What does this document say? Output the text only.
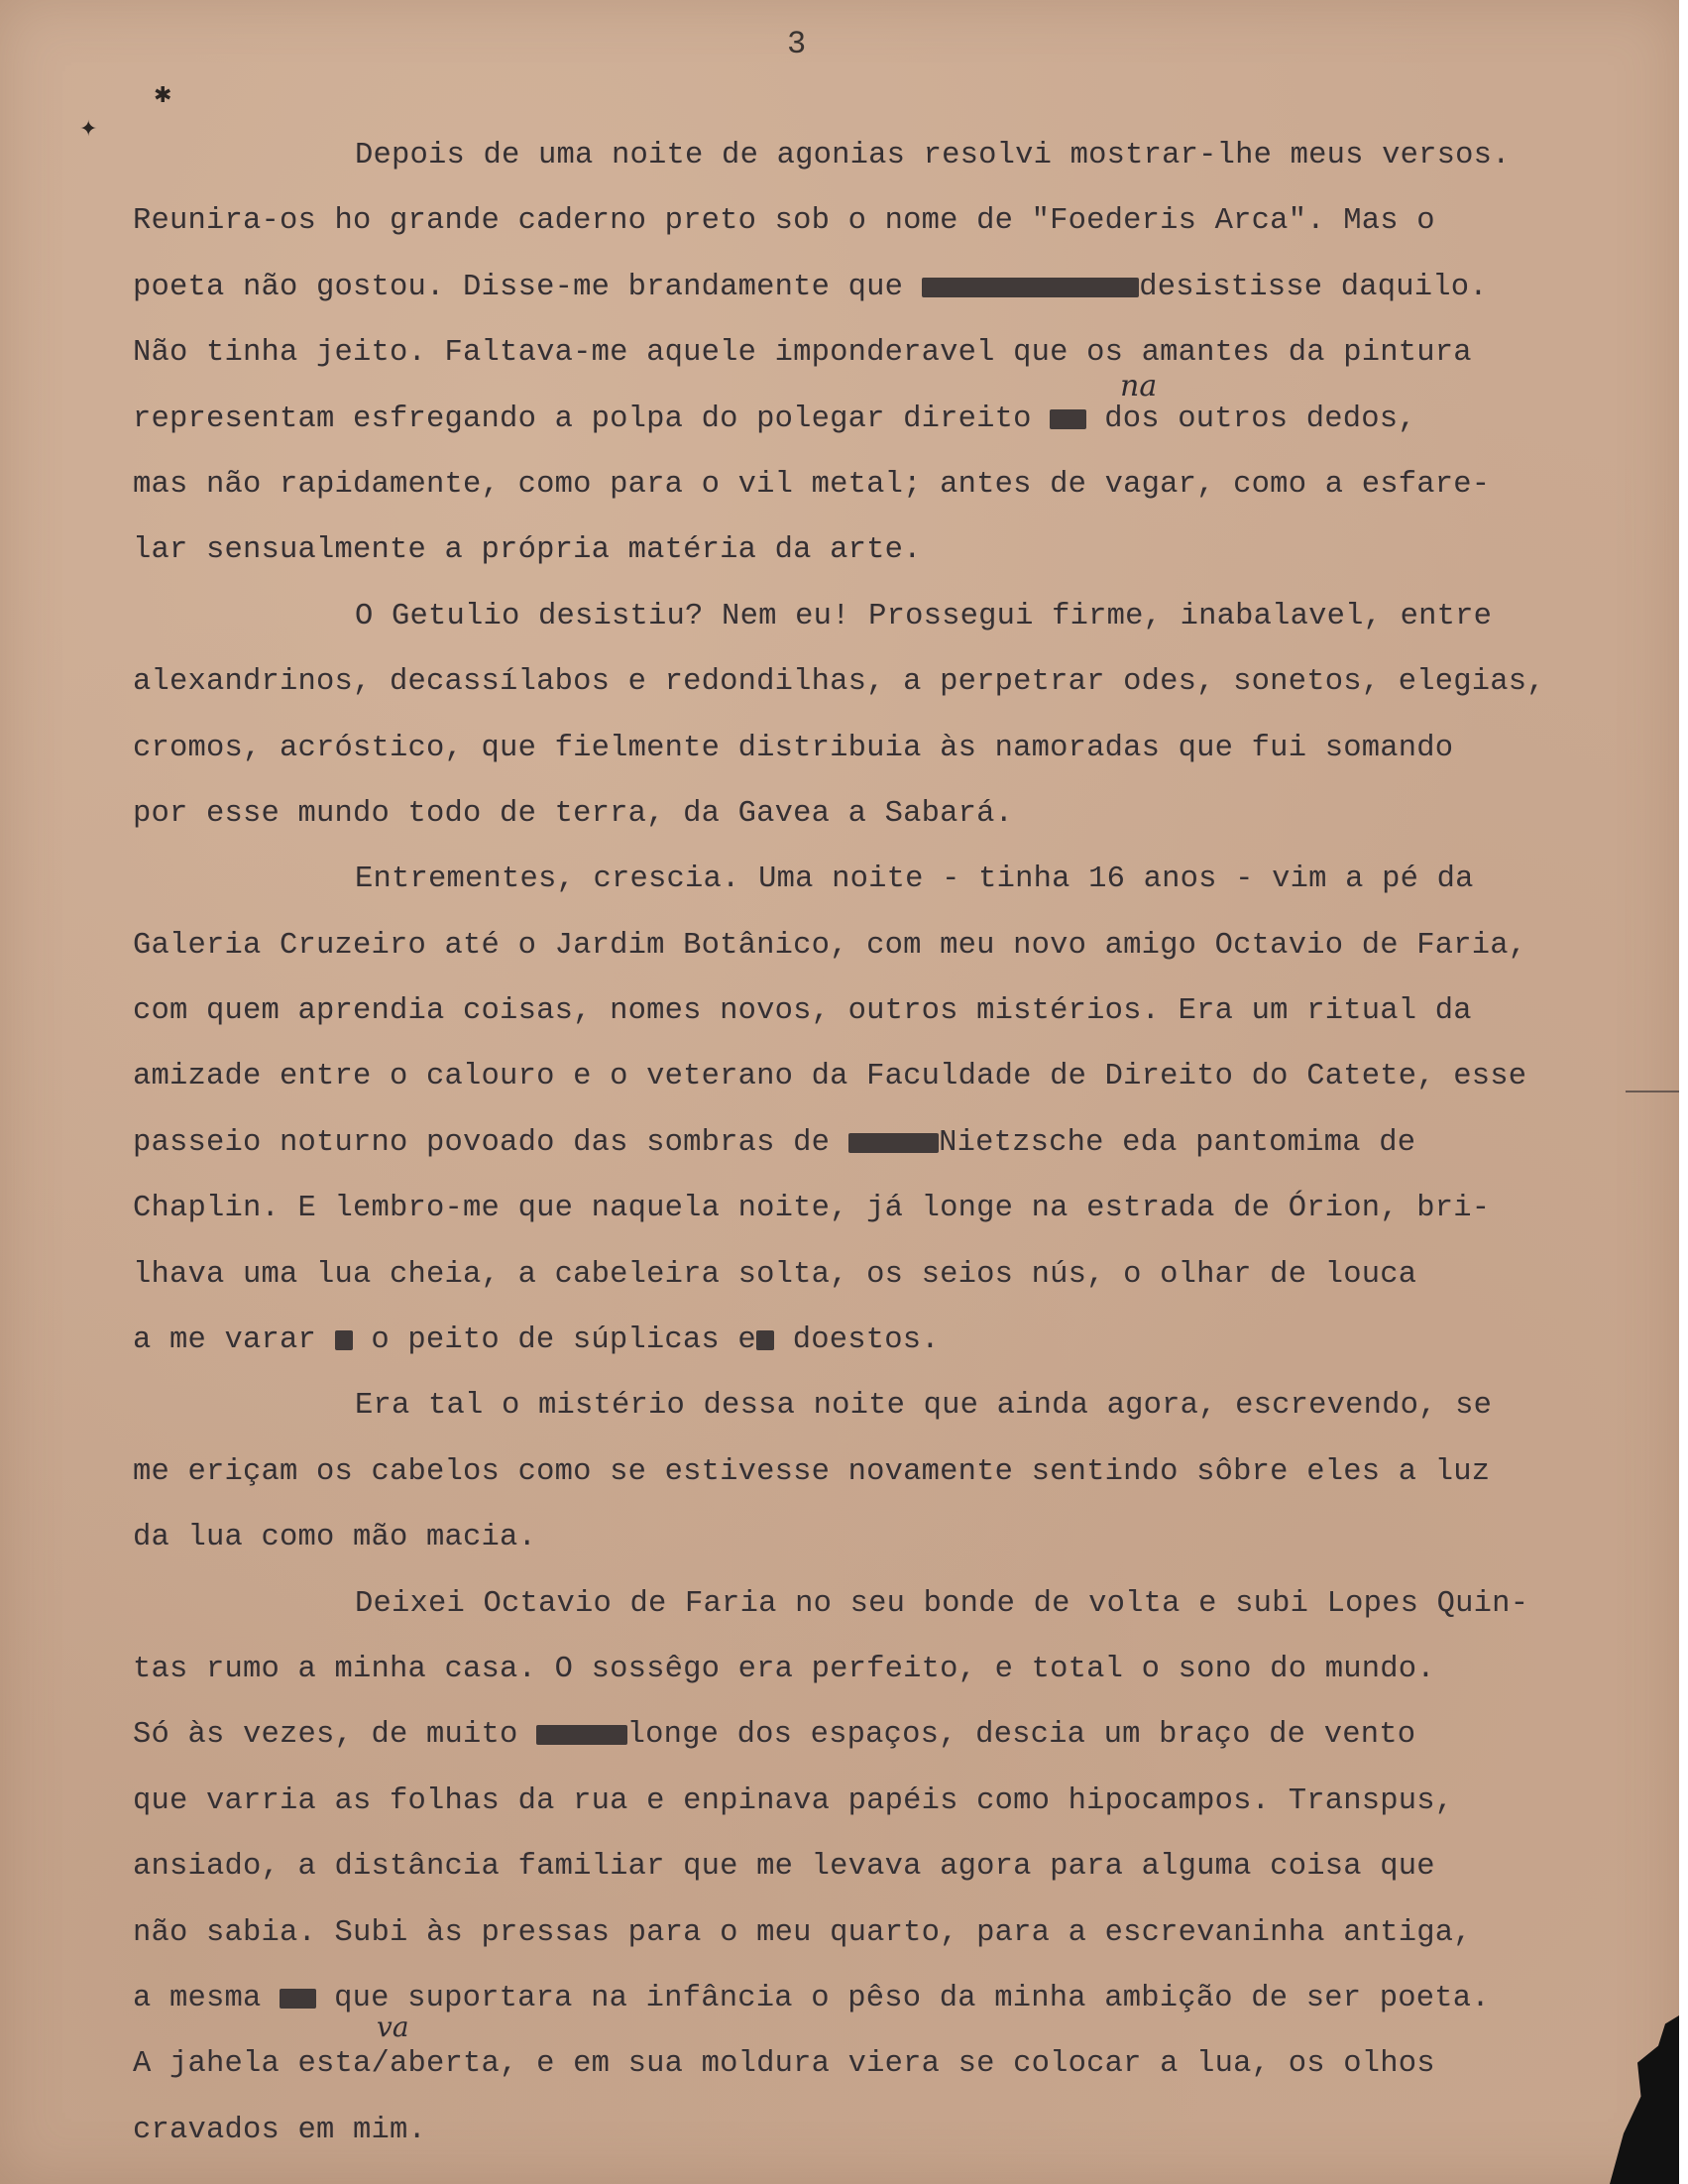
3
✱
✦
na
va
Depois de uma noite de agonias resolvi mostrar-lhe meus versos.
Reunira-os ho grande caderno preto sob o nome de "Foederis Arca". Mas o
poeta não gostou. Disse-me brandamente que	desistisse daquilo.
Não tinha jeito. Faltava-me aquele imponderavel que os amantes da pintura
representam esfregando a polpa do polegar direito  dos outros dedos,
mas não rapidamente, como para o vil metal; antes de vagar, como a esfare-
lar sensualmente a própria matéria da arte.
O Getulio desistiu? Nem eu! Prossegui firme, inabalavel, entre
alexandrinos, decassílabos e redondilhas, a perpetrar odes, sonetos, elegias,
cromos, acróstico, que fielmente distribuia às namoradas que fui somando
por esse mundo todo de terra, da Gavea a Sabará.
Entrementes, crescia. Uma noite - tinha 16 anos - vim a pé da
Galeria Cruzeiro até o Jardim Botânico, com meu novo amigo Octavio de Faria,
com quem aprendia coisas, nomes novos, outros mistérios. Era um ritual da
amizade entre o calouro e o veterano da Faculdade de Direito do Catete, esse
passeio noturno povoado das sombras de	Nietzsche eda pantomima de
Chaplin. E lembro-me que naquela noite, já longe na estrada de Órion, bri-
lhava uma lua cheia, a cabeleira solta, os seios nús, o olhar de louca
a me varar  o peito de súplicas e doestos.
Era tal o mistério dessa noite que ainda agora, escrevendo, se
me eriçam os cabelos como se estivesse novamente sentindo sôbre eles a luz
da lua como mão macia.
Deixei Octavio de Faria no seu bonde de volta e subi Lopes Quin-
tas rumo a minha casa. O sossêgo era perfeito, e total o sono do mundo.
Só às vezes, de muito	longe dos espaços, descia um braço de vento
que varria as folhas da rua e enpinava papéis como hipocampos. Transpus,
ansiado, a distância familiar que me levava agora para alguma coisa que
não sabia. Subi às pressas para o meu quarto, para a escrevaninha antiga,
a mesma  que suportara na infância o pêso da minha ambição de ser poeta.
A jahela esta/aberta, e em sua moldura viera se colocar a lua, os olhos
cravados em mim.
